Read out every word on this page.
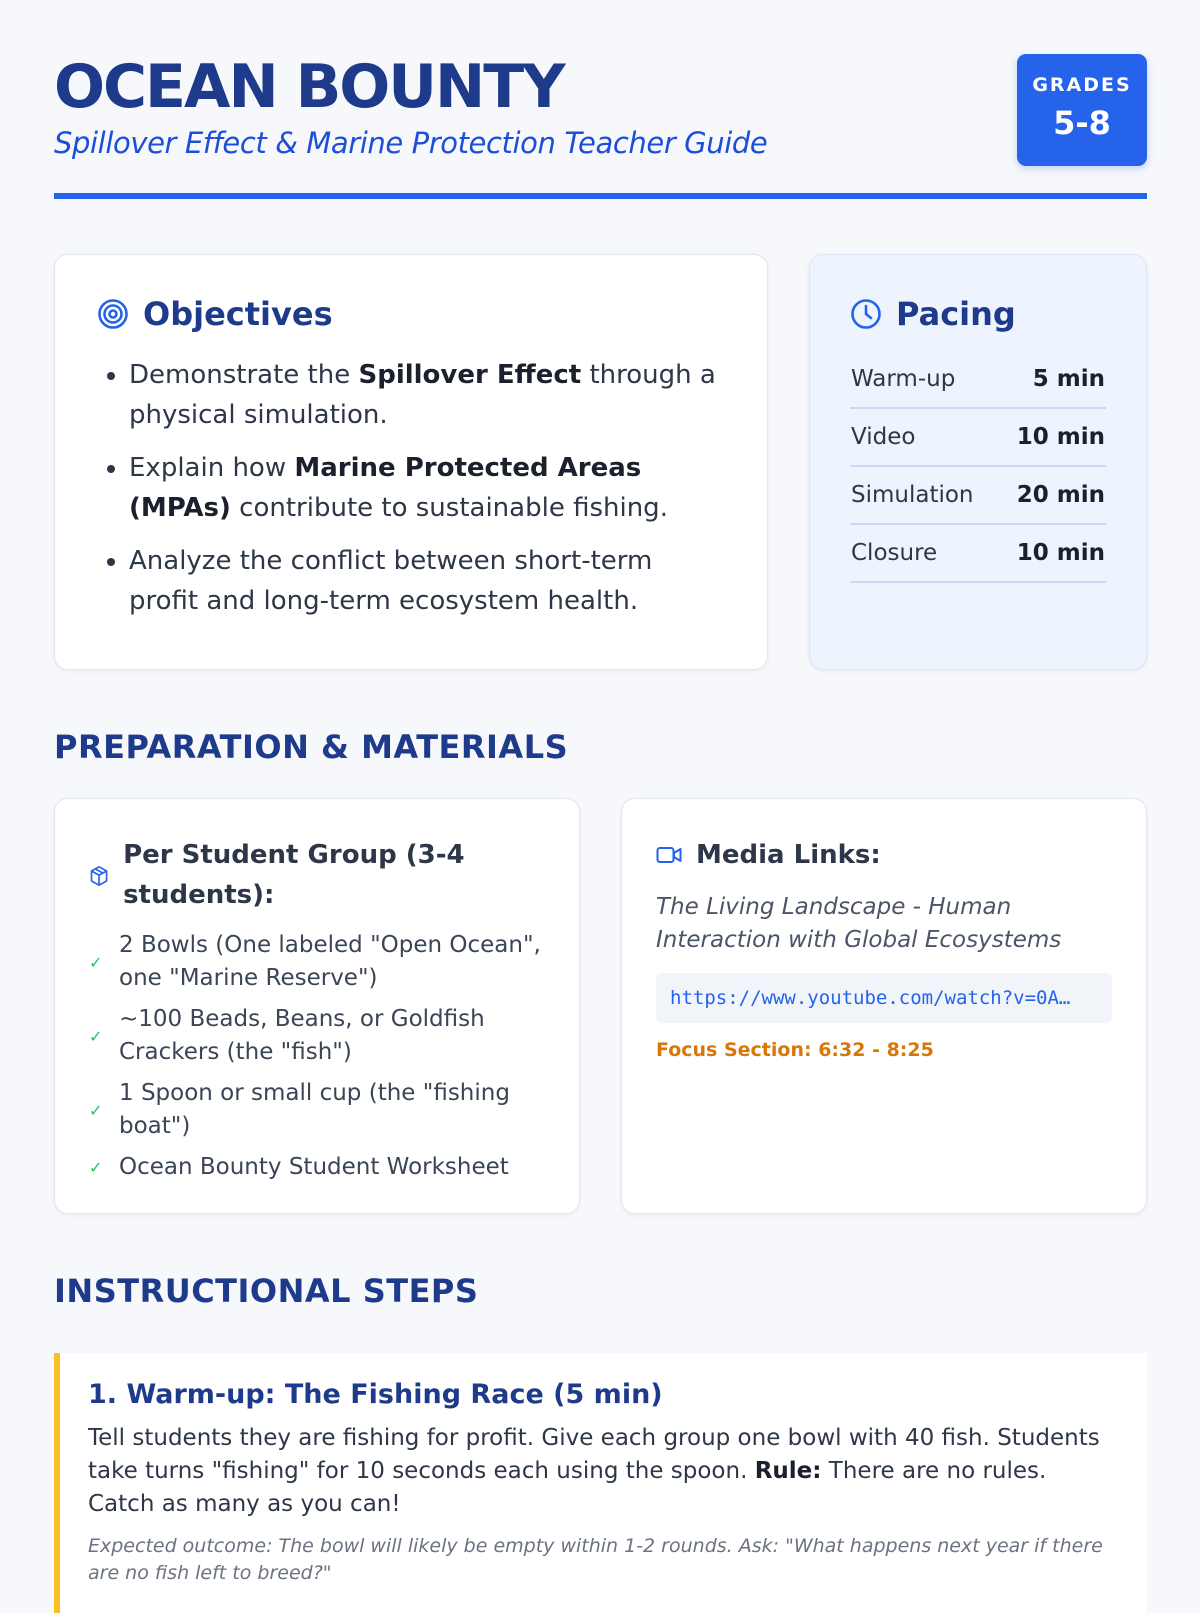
OCEAN BOUNTY

Spillover Effect & Marine Protection Teacher Guide

GRADES
5-8
Objectives
• Demonstrate the Spillover Effect through a physical simulation.
• Explain how Marine Protected Areas (MPAs) contribute to sustainable fishing.
• Analyze the conflict between short-term profit and long-term ecosystem health.
Pacing
Warm-up	5 min
Video	10 min
Simulation	20 min
Closure	10 min
PREPARATION & MATERIALS
Per Student Group (3-4 students):
✓
2 Bowls (One labeled "Open Ocean", one "Marine Reserve")
✓
~100 Beads, Beans, or Goldfish Crackers (the "fish")
✓
1 Spoon or small cup (the "fishing boat")
✓ Ocean Bounty Student Worksheet
Media Links:

The Living Landscape - Human Interaction with Global Ecosystems

https://www.youtube.com/watch?v=0A…
Focus Section: 6:32 - 8:25
INSTRUCTIONAL STEPS
1. Warm-up: The Fishing Race (5 min)

Tell students they are fishing for profit. Give each group one bowl with 40 fish. Students take turns "fishing" for 10 seconds each using the spoon. Rule: There are no rules. Catch as many as you can!

Expected outcome: The bowl will likely be empty within 1-2 rounds. Ask: "What happens next year if there are no fish left to breed?"
